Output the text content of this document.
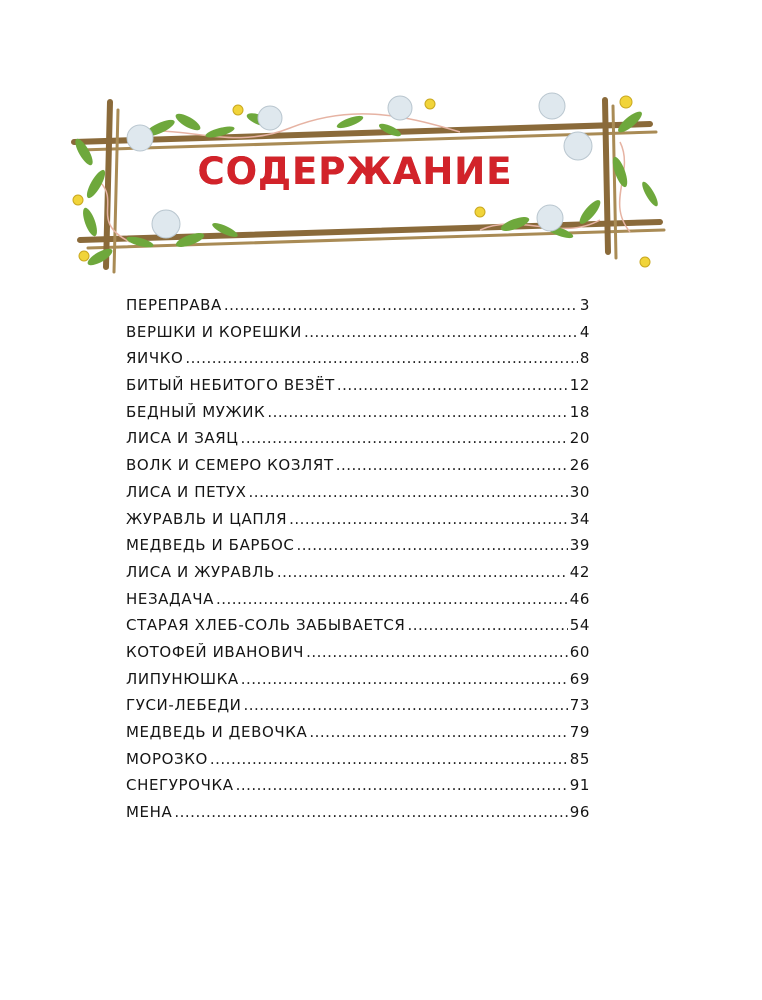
СОДЕРЖАНИЕ
ПЕРЕПРАВА .....	3
ВЕРШКИ И КОРЕШКИ .....	4
ЯИЧКО .....	8
БИТЫЙ НЕБИТОГО ВЕЗЁТ .....	12
БЕДНЫЙ МУЖИК .....	18
ЛИСА И ЗАЯЦ .....	20
ВОЛК И СЕМЕРО КОЗЛЯТ .....	26
ЛИСА И ПЕТУХ .....	30
ЖУРАВЛЬ И ЦАПЛЯ .....	34
МЕДВЕДЬ И БАРБОС .....	39
ЛИСА И ЖУРАВЛЬ .....	42
НЕЗАДАЧА .....	46
СТАРАЯ ХЛЕБ-СОЛЬ ЗАБЫВАЕТСЯ .....	54
КОТОФЕЙ ИВАНОВИЧ .....	60
ЛИПУНЮШКА .....	69
ГУСИ-ЛЕБЕДИ .....	73
МЕДВЕДЬ И ДЕВОЧКА .....	79
МОРОЗКО .....	85
СНЕГУРОЧКА .....	91
МЕНА .....	96
